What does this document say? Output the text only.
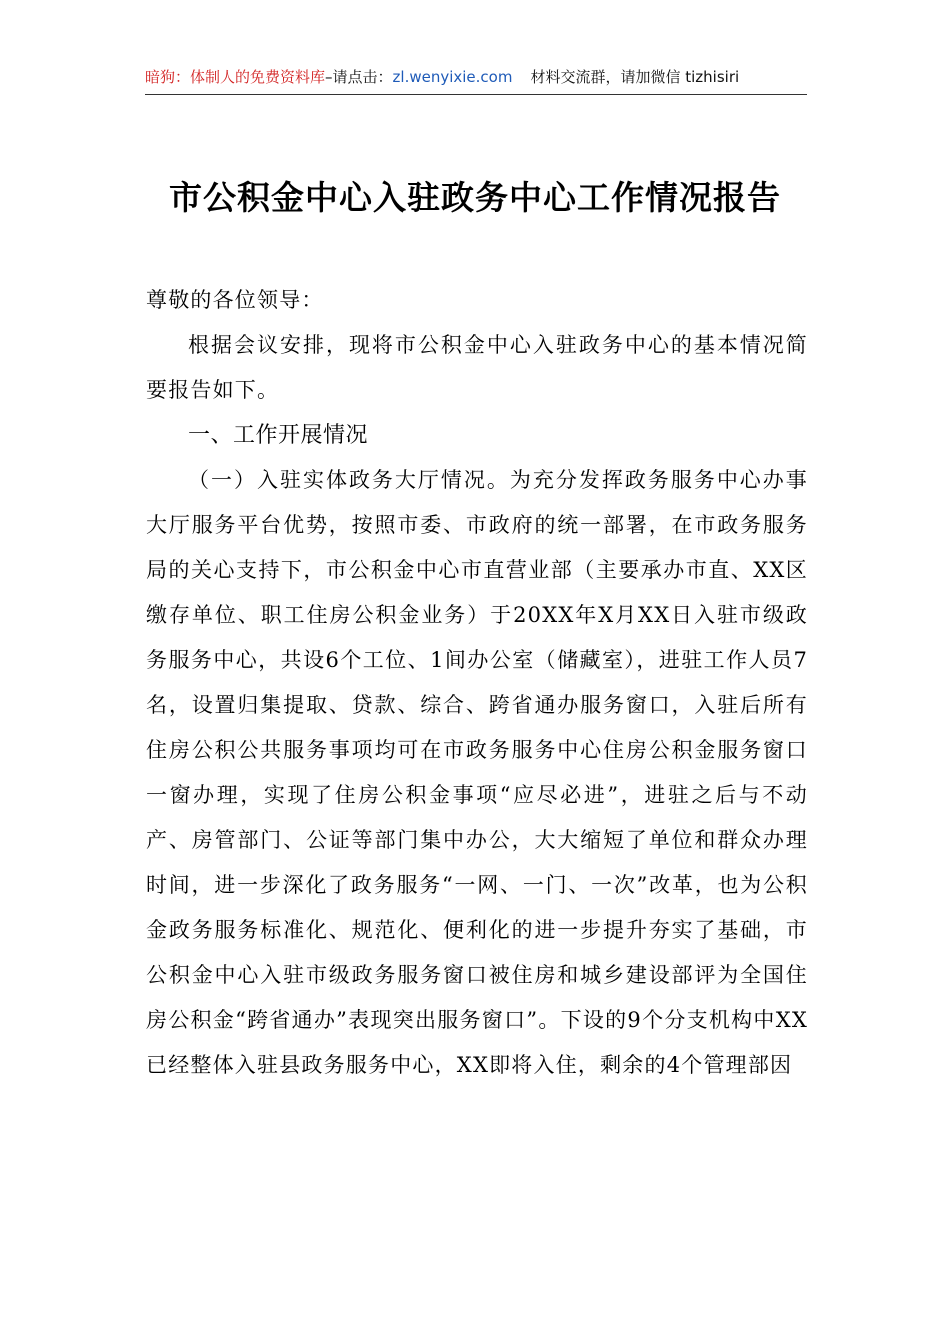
暗狗：体制人的免费资料库–请点击：zl.wenyixie.com 材料交流群，请加微信 tizhisiri
市公积金中心入驻政务中心工作情况报告

尊敬的各位领导：

根据会议安排，现将市公积金中心入驻政务中心的基本情况简要报告如下。

一、工作开展情况

（一）入驻实体政务大厅情况。为充分发挥政务服务中心办事大厅服务平台优势，按照市委、市政府的统一部署，在市政务服务局的关心支持下，市公积金中心市直营业部（主要承办市直、XX区缴存单位、职工住房公积金业务）于20XX年X月XX日入驻市级政务服务中心，共设6个工位、1间办公室（储藏室），进驻工作人员7名，设置归集提取、贷款、综合、跨省通办服务窗口，入驻后所有住房公积公共服务事项均可在市政务服务中心住房公积金服务窗口一窗办理，实现了住房公积金事项“应尽必进”，进驻之后与不动产、房管部门、公证等部门集中办公，大大缩短了单位和群众办理时间，进一步深化了政务服务“一网、一门、一次”改革，也为公积金政务服务标准化、规范化、便利化的进一步提升夯实了基础，市公积金中心入驻市级政务服务窗口被住房和城乡建设部评为全国住房公积金“跨省通办”表现突出服务窗口”。下设的9个分支机构中XX已经整体入驻县政务服务中心，XX即将入住，剩余的4个管理部因
